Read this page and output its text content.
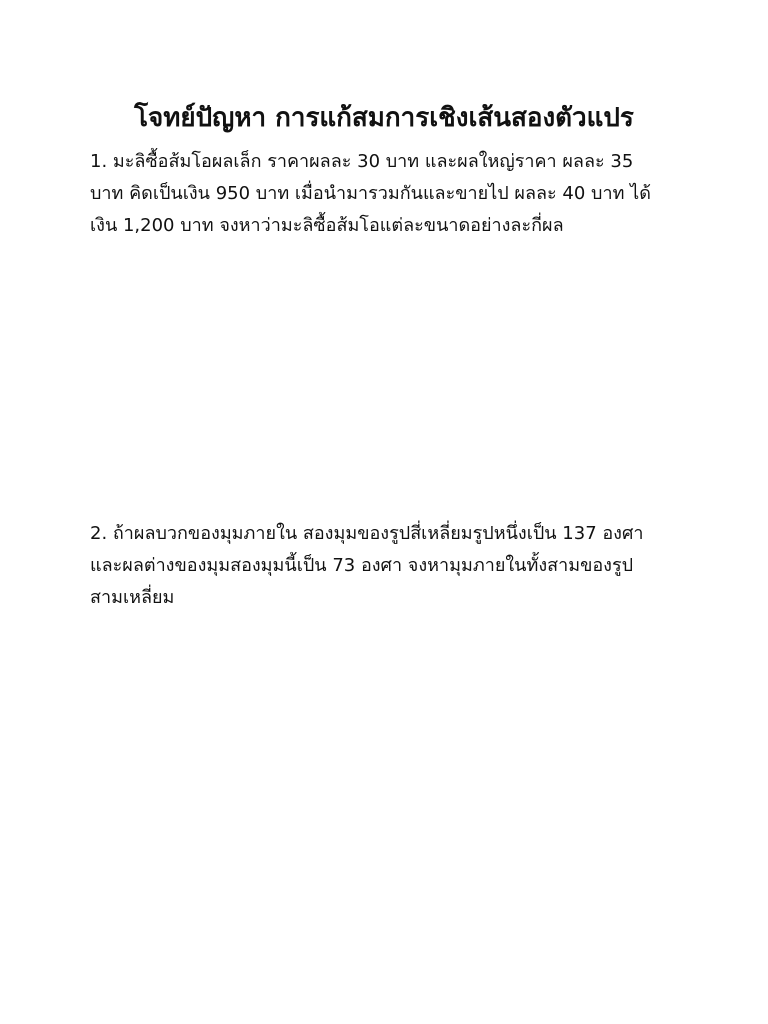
โจทย์ปัญหา การแก้สมการเชิงเส้นสองตัวแปร
1. มะลิซื้อส้มโอผลเล็ก ราคาผลละ 30 บาท และผลใหญ่ราคา ผลละ 35
บาท คิดเป็นเงิน 950 บาท เมื่อนำมารวมกันและขายไป ผลละ 40 บาท ได้
เงิน 1,200 บาท จงหาว่ามะลิซื้อส้มโอแต่ละขนาดอย่างละกี่ผล
2. ถ้าผลบวกของมุมภายใน สองมุมของรูปสี่เหลี่ยมรูปหนึ่งเป็น 137 องศา
และผลต่างของมุมสองมุมนี้เป็น 73 องศา จงหามุมภายในทั้งสามของรูป
สามเหลี่ยม
